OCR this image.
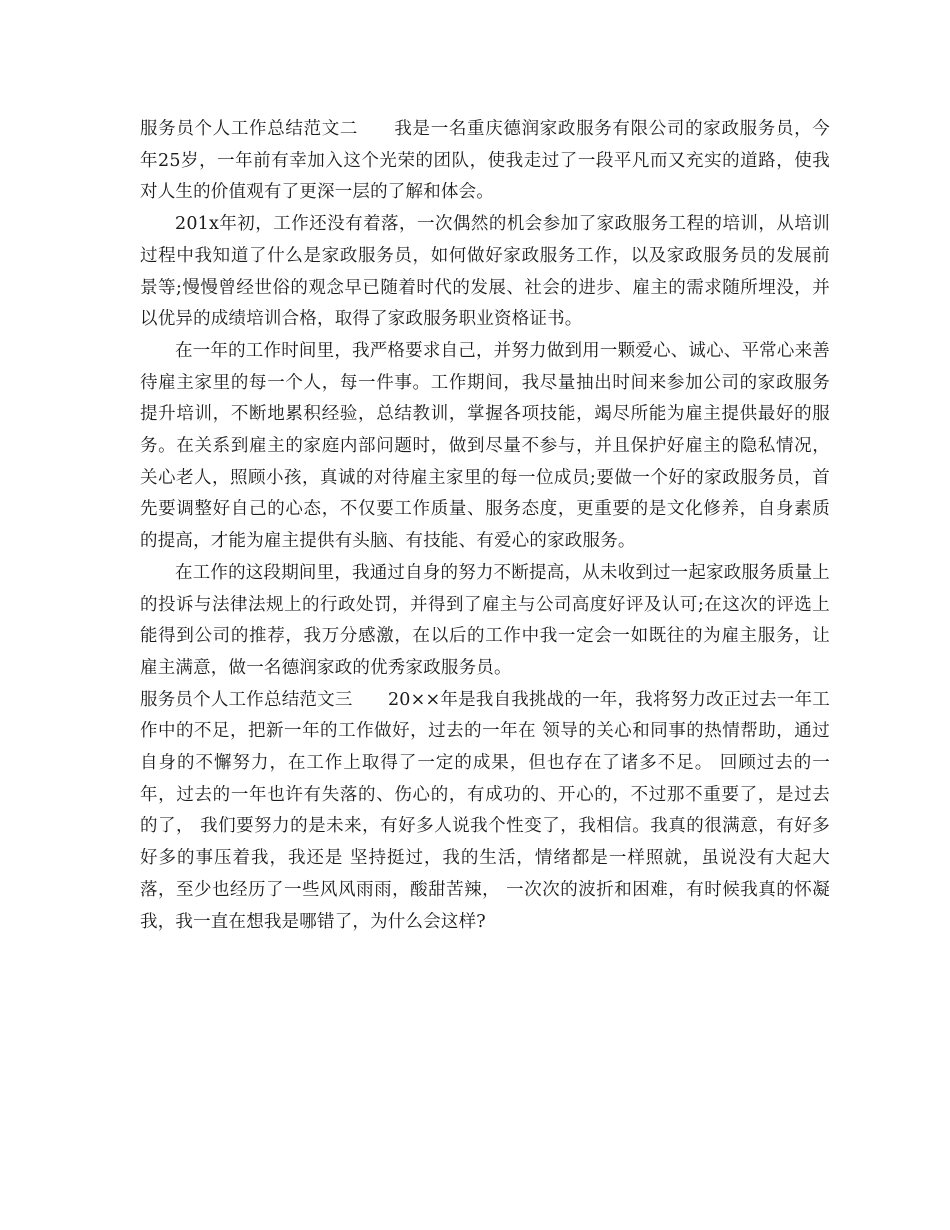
服务员个人工作总结范文二　　我是一名重庆德润家政服务有限公司的家政服务员，今年25岁，一年前有幸加入这个光荣的团队，使我走过了一段平凡而又充实的道路，使我对人生的价值观有了更深一层的了解和体会。

201x年初，工作还没有着落，一次偶然的机会参加了家政服务工程的培训，从培训过程中我知道了什么是家政服务员，如何做好家政服务工作，以及家政服务员的发展前景等;慢慢曾经世俗的观念早已随着时代的发展、社会的进步、雇主的需求随所埋没，并以优异的成绩培训合格，取得了家政服务职业资格证书。

在一年的工作时间里，我严格要求自己，并努力做到用一颗爱心、诚心、平常心来善待雇主家里的每一个人，每一件事。工作期间，我尽量抽出时间来参加公司的家政服务提升培训，不断地累积经验，总结教训，掌握各项技能，竭尽所能为雇主提供最好的服务。在关系到雇主的家庭内部问题时，做到尽量不参与，并且保护好雇主的隐私情况，关心老人，照顾小孩，真诚的对待雇主家里的每一位成员;要做一个好的家政服务员，首先要调整好自己的心态，不仅要工作质量、服务态度，更重要的是文化修养，自身素质的提高，才能为雇主提供有头脑、有技能、有爱心的家政服务。

在工作的这段期间里，我通过自身的努力不断提高，从未收到过一起家政服务质量上的投诉与法律法规上的行政处罚，并得到了雇主与公司高度好评及认可;在这次的评选上能得到公司的推荐，我万分感激，在以后的工作中我一定会一如既往的为雇主服务，让雇主满意，做一名德润家政的优秀家政服务员。

服务员个人工作总结范文三　　20××年是我自我挑战的一年，我将努力改正过去一年工作中的不足，把新一年的工作做好，过去的一年在 领导的关心和同事的热情帮助，通过自身的不懈努力，在工作上取得了一定的成果，但也存在了诸多不足。 回顾过去的一年，过去的一年也许有失落的、伤心的，有成功的、开心的，不过那不重要了，是过去的了， 我们要努力的是未来，有好多人说我个性变了，我相信。我真的很满意，有好多好多的事压着我，我还是 坚持挺过，我的生活，情绪都是一样照就，虽说没有大起大落，至少也经历了一些风风雨雨，酸甜苦辣， 一次次的波折和困难，有时候我真的怀凝我，我一直在想我是哪错了，为什么会这样?
